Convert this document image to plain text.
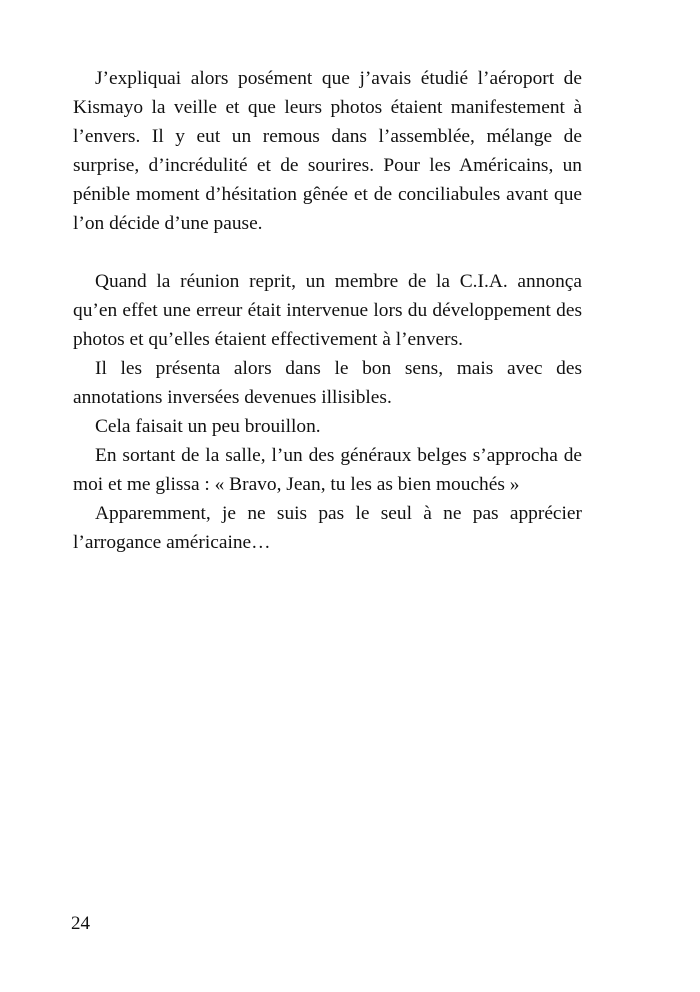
J’expliquai alors posément que j’avais étudié l’aéroport de Kismayo la veille et que leurs photos étaient manifestement à l’envers. Il y eut un remous dans l’assemblée, mélange de surprise, d’incrédulité et de sourires. Pour les Américains, un pénible moment d’hésitation gênée et de conciliabules avant que l’on décide d’une pause.

Quand la réunion reprit, un membre de la C.I.A. annonça qu’en effet une erreur était intervenue lors du développement des photos et qu’elles étaient effectivement à l’envers.

Il les présenta alors dans le bon sens, mais avec des annotations inversées devenues illisibles.

Cela faisait un peu brouillon.

En sortant de la salle, l’un des généraux belges s’approcha de moi et me glissa : « Bravo, Jean, tu les as bien mouchés »

Apparemment, je ne suis pas le seul à ne pas apprécier l’arrogance américaine…

24
